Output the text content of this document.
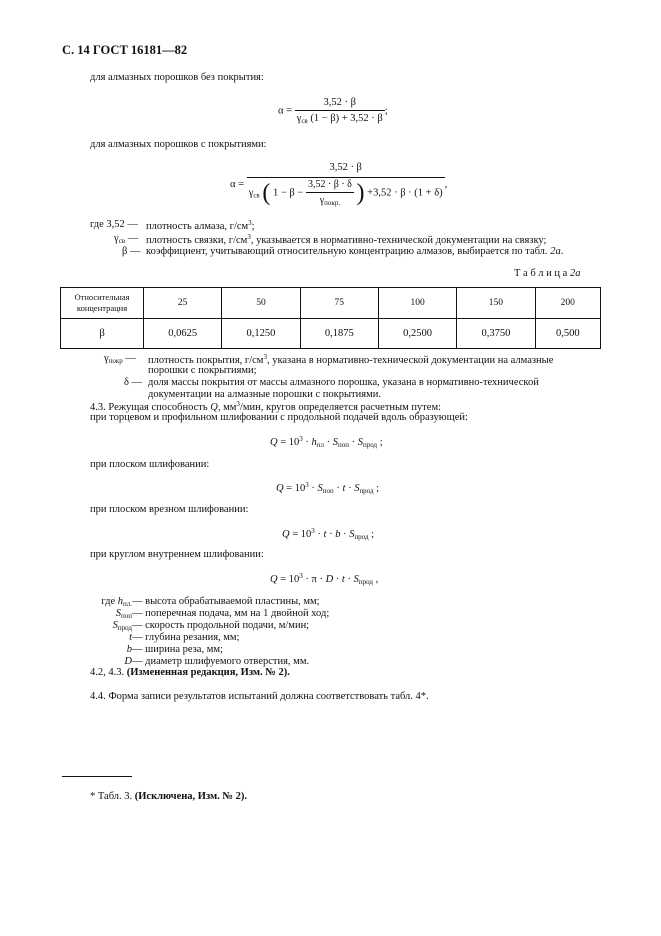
С. 14 ГОСТ 16181—82
для алмазных порошков без покрытия:
$\alpha = \frac{3,52 \cdot \beta}{\gamma_{св} (1 - \beta) + 3,52 \cdot \beta}$ ;
для алмазных порошков с покрытиями:
α =
3,52 · β
$\gamma_{св}$ ( $1 - \beta - \frac{3,52 \cdot \beta \cdot \delta}{\gamma_{покр.}}$ ) +3,52 · β · (1 + δ)
,
где 3,52 — плотность алмаза, $г/см^3$;
$\gamma_{св}$ — плотность связки, $г/см^3$, указывается в нормативно-технической документации на связку;
β — коэффициент, учитывающий относительную концентрацию алмазов, выбирается по табл. 2а.
Т а б л и ц а 2а
Относительная концентрация	25	50	75	100	150	200
β	0,0625	0,1250	0,1875	0,2500	0,3750	0,500
$\gamma_{покр}$ — плотность покрытия, $г/см^3$, указана в нормативно-технической документации на алмазные
порошки с покрытиями;
δ — доля массы покрытия от массы алмазного порошка, указана в нормативно-технической
документации на алмазные порошки с покрытиями.
4.3. Режущая способность Q, $мм^3$/мин, кругов определяется расчетным путем:
при торцевом и профильном шлифовании с продольной подачей вдоль образующей:
$Q = 10^3 \cdot h_{пл} \cdot S_{поп} \cdot S_{прод}$ ;
при плоском шлифовании:
$Q = 10^3 \cdot S_{поп} \cdot t \cdot S_{прод}$ ;
при плоском врезном шлифовании:
$Q = 10^3 \cdot t \cdot b \cdot S_{прод}$ ;
при круглом внутреннем шлифовании:
$Q = 10^3 \cdot \pi \cdot D \cdot t \cdot S_{прод}$ ,
где $h_{пл.}$ — высота обрабатываемой пластины, мм;
$S_{поп}$ — поперечная подача, мм на 1 двойной ход;
$S_{прод}$ — скорость продольной подачи, м/мин;
t — глубина резания, мм;
b — ширина реза, мм;
D — диаметр шлифуемого отверстия, мм.
4.2, 4.3. (Измененная редакция, Изм. № 2).
4.4. Форма записи результатов испытаний должна соответствовать табл. 4*.
* Табл. 3. (Исключена, Изм. № 2).
